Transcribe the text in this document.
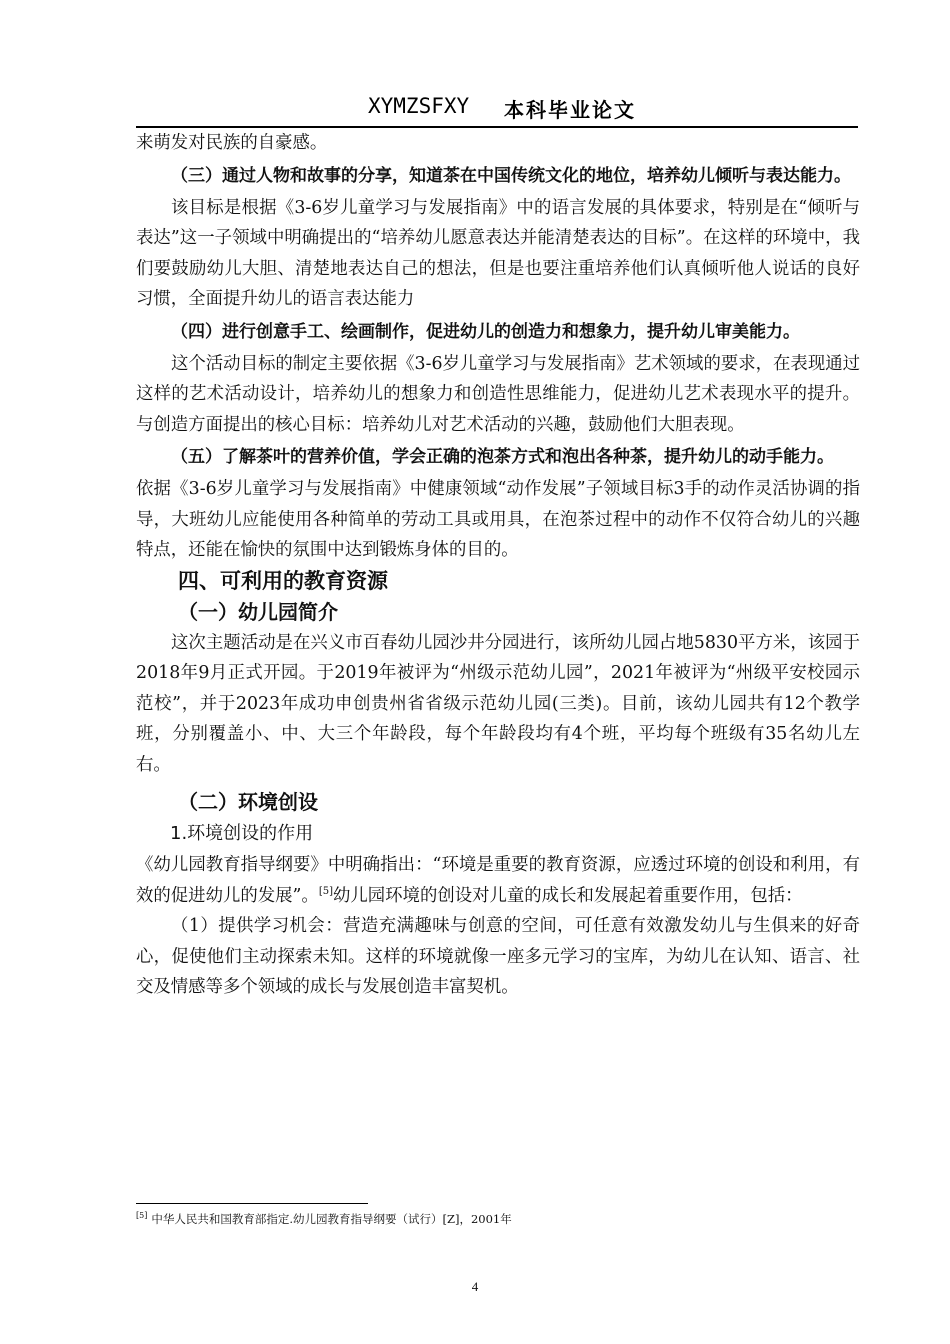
XYMZSFXY 本科毕业论文

来萌发对民族的自豪感。

（三）通过人物和故事的分享，知道茶在中国传统文化的地位，培养幼儿倾听与表达能力。

该目标是根据《3-6岁儿童学习与发展指南》中的语言发展的具体要求，特别是在“倾听与表达”这一子领域中明确提出的“培养幼儿愿意表达并能清楚表达的目标”。在这样的环境中，我们要鼓励幼儿大胆、清楚地表达自己的想法，但是也要注重培养他们认真倾听他人说话的良好习惯，全面提升幼儿的语言表达能力

（四）进行创意手工、绘画制作，促进幼儿的创造力和想象力，提升幼儿审美能力。

这个活动目标的制定主要依据《3-6岁儿童学习与发展指南》艺术领域的要求，在表现通过这样的艺术活动设计，培养幼儿的想象力和创造性思维能力，促进幼儿艺术表现水平的提升。与创造方面提出的核心目标：培养幼儿对艺术活动的兴趣，鼓励他们大胆表现。

（五）了解茶叶的营养价值，学会正确的泡茶方式和泡出各种茶，提升幼儿的动手能力。

依据《3-6岁儿童学习与发展指南》中健康领域“动作发展”子领域目标3手的动作灵活协调的指导，大班幼儿应能使用各种简单的劳动工具或用具，在泡茶过程中的动作不仅符合幼儿的兴趣特点，还能在愉快的氛围中达到锻炼身体的目的。

四、可利用的教育资源

（一）幼儿园简介

这次主题活动是在兴义市百春幼儿园沙井分园进行，该所幼儿园占地5830平方米，该园于2018年9月正式开园。于2019年被评为“州级示范幼儿园”，2021年被评为“州级平安校园示范校”，并于2023年成功申创贵州省省级示范幼儿园(三类)。目前，该幼儿园共有12个教学班，分别覆盖小、中、大三个年龄段，每个年龄段均有4个班，平均每个班级有35名幼儿左右。

（二）环境创设

1.环境创设的作用

《幼儿园教育指导纲要》中明确指出：“环境是重要的教育资源，应透过环境的创设和利用，有效的促进幼儿的发展”。[5]幼儿园环境的创设对儿童的成长和发展起着重要作用，包括：

（1）提供学习机会：营造充满趣味与创意的空间，可任意有效激发幼儿与生俱来的好奇心，促使他们主动探索未知。这样的环境就像一座多元学习的宝库，为幼儿在认知、语言、社交及情感等多个领域的成长与发展创造丰富契机。

[5] 中华人民共和国教育部指定.幼儿园教育指导纲要（试行）[Z]，2001年
4
